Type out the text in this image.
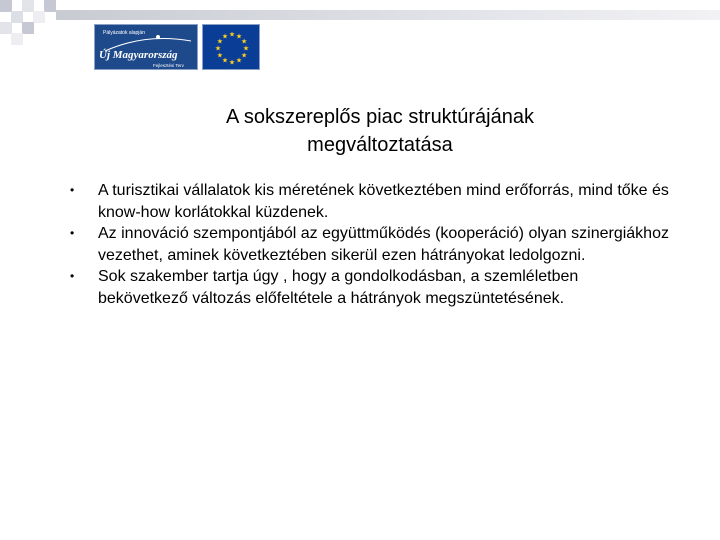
Pályázatok alapján
Új Magyarország
Fejlesztési Terv
★ ★
★
★
★
★
★
★
★
★
★
★
A sokszereplős piac struktúrájának megváltoztatása
• A turisztikai vállalatok kis méretének következtében mind erőforrás, mind tőke és know-how korlátokkal küzdenek.
• Az innováció szempontjából az együttműködés (kooperáció) olyan szinergiákhoz vezethet, aminek következtében sikerül ezen hátrányokat ledolgozni.
• Sok szakember tartja úgy , hogy a gondolkodásban, a szemléletben bekövetkező változás előfeltétele a hátrányok megszüntetésének.
